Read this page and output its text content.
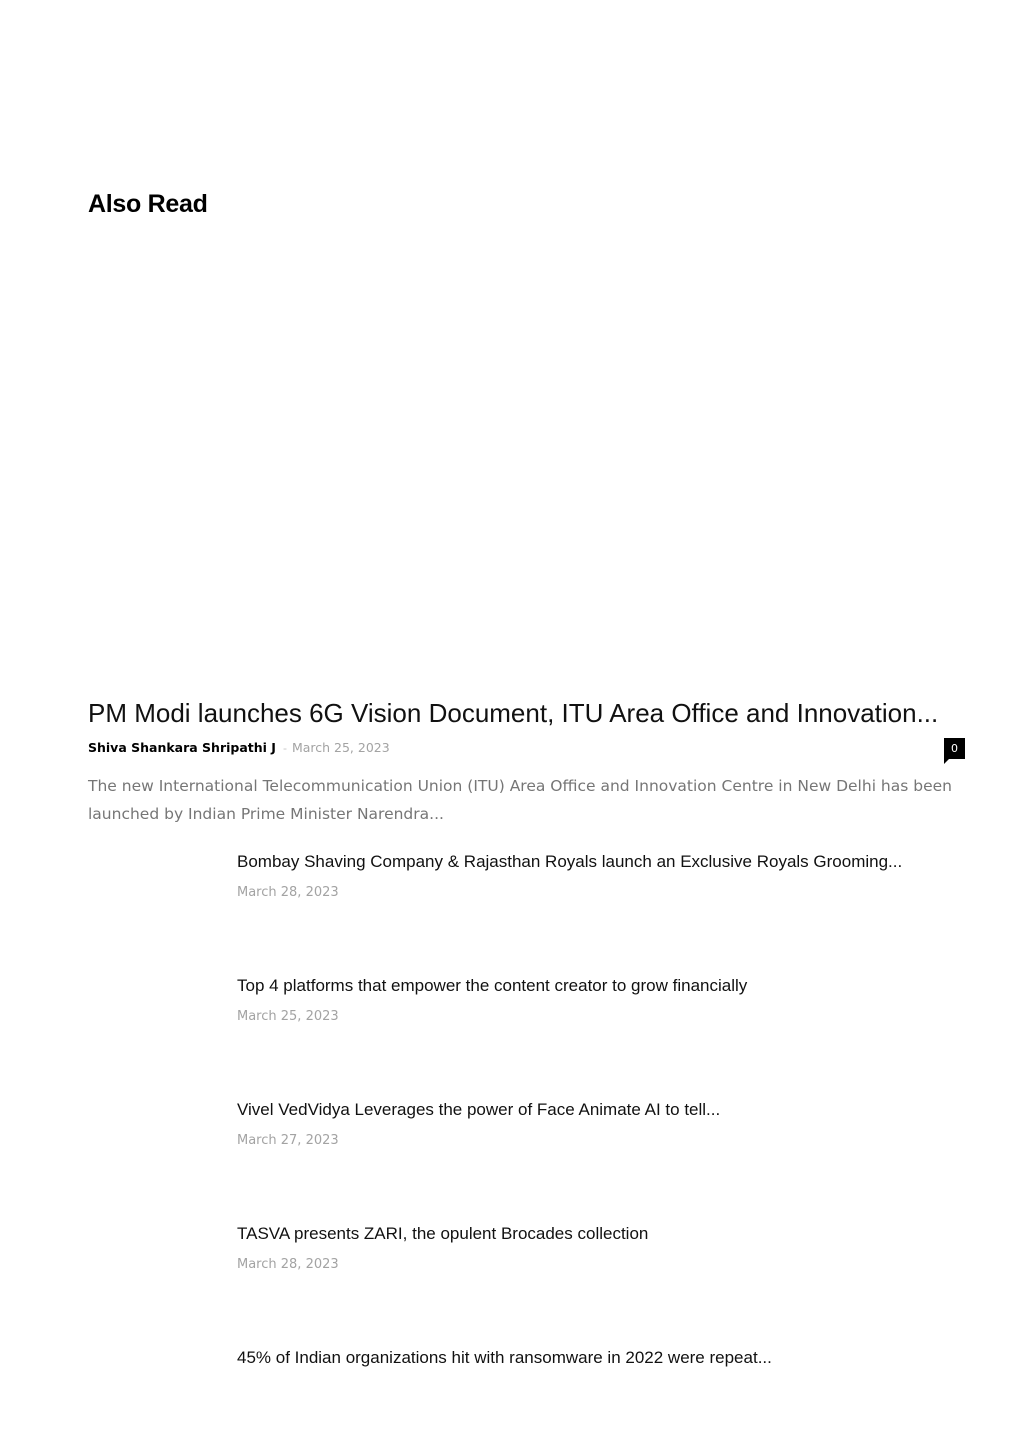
Also Read
PM Modi launches 6G Vision Document, ITU Area Office and Innovation...
Shiva Shankara Shripathi J - March 25, 2023	0

The new International Telecommunication Union (ITU) Area Office and Innovation Centre in New Delhi has been launched by Indian Prime Minister Narendra...

Bombay Shaving Company & Rajasthan Royals launch an Exclusive Royals Grooming...
March 28, 2023
Top 4 platforms that empower the content creator to grow financially
March 25, 2023
Vivel VedVidya Leverages the power of Face Animate AI to tell...
March 27, 2023
TASVA presents ZARI, the opulent Brocades collection
March 28, 2023
45% of Indian organizations hit with ransomware in 2022 were repeat...
